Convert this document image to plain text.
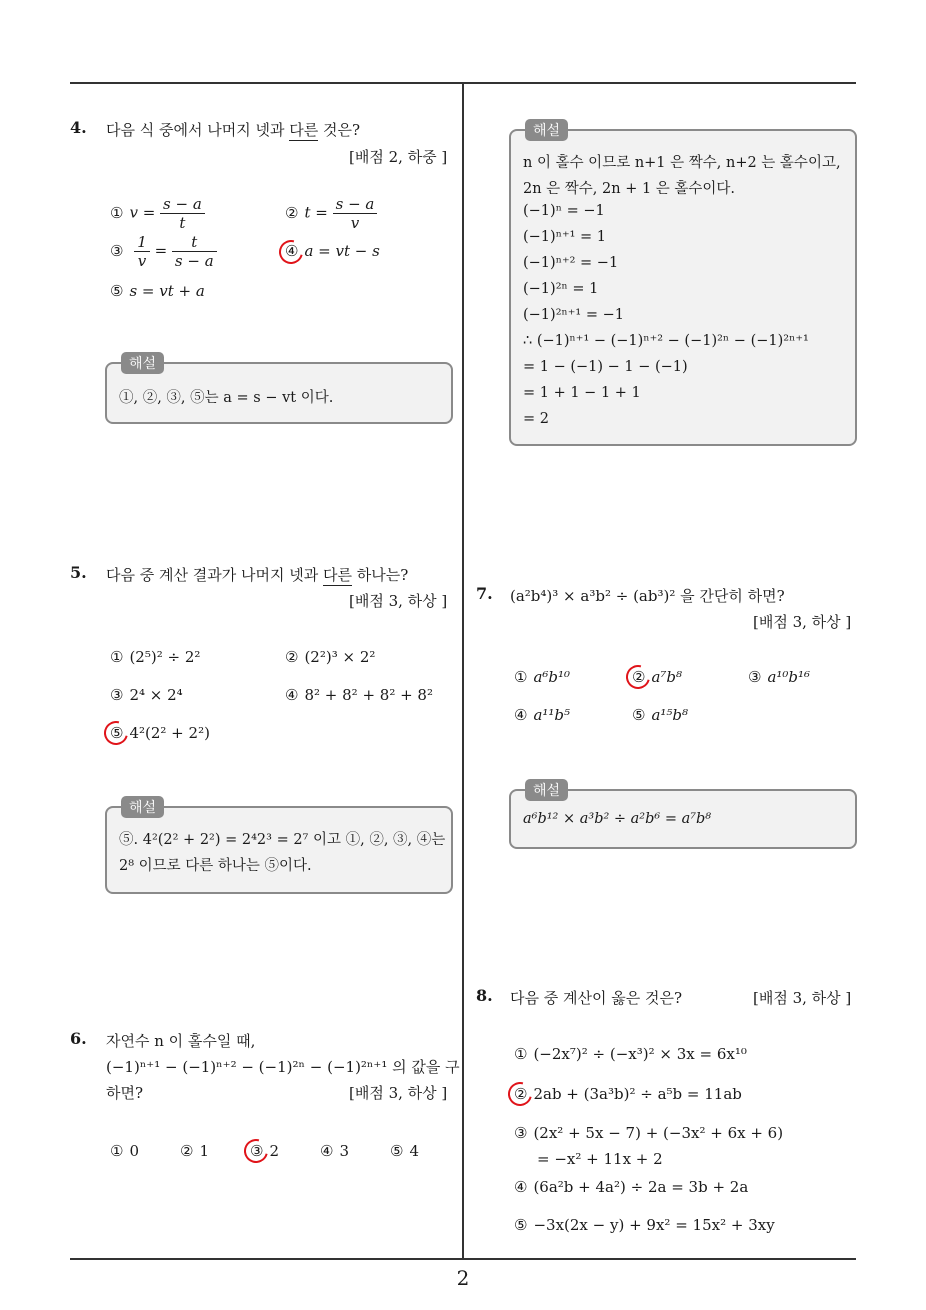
2
4. 다음 식 중에서 나머지 넷과 다른 것은?
[배점 2, 하중 ]
① $v = \frac{s - a}{t}$	② $t = \frac{s - a}{v}$
③ $\frac{1}{v} = \frac{t}{s - a}$	④ a = vt − s
⑤ s = vt + a
해설
①, ②, ③, ⑤는 a = s − vt 이다.
5. 다음 중 계산 결과가 나머지 넷과 다른 하나는?
[배점 3, 하상 ]
① (2⁵)² ÷ 2²	② (2²)³ × 2²
③ 2⁴ × 2⁴	④ 8² + 8² + 8² + 8²
⑤ 4²(2² + 2²)
해설
⑤. 4²(2² + 2²) = 2⁴2³ = 2⁷ 이고 ①, ②, ③, ④는
2⁸ 이므로 다른 하나는 ⑤이다.
6. 자연수 n 이 홀수일 때,
(−1)ⁿ⁺¹ − (−1)ⁿ⁺² − (−1)²ⁿ − (−1)²ⁿ⁺¹ 의 값을 구
하면?	[배점 3, 하상 ]
① 0	② 1	③ 2	④ 3	⑤ 4
해설
n 이 홀수 이므로 n+1 은 짝수, n+2 는 홀수이고,
2n 은 짝수, 2n + 1 은 홀수이다.
(−1)ⁿ = −1
(−1)ⁿ⁺¹ = 1
(−1)ⁿ⁺² = −1
(−1)²ⁿ = 1
(−1)²ⁿ⁺¹ = −1
∴ (−1)ⁿ⁺¹ − (−1)ⁿ⁺² − (−1)²ⁿ − (−1)²ⁿ⁺¹
= 1 − (−1) − 1 − (−1)
= 1 + 1 − 1 + 1
= 2
7. (a²b⁴)³ × a³b² ÷ (ab³)² 을 간단히 하면?
[배점 3, 하상 ]
① a⁶b¹⁰	② a⁷b⁸	③ a¹⁰b¹⁶
④ a¹¹b⁵	⑤ a¹⁵b⁸
해설
a⁶b¹² × a³b² ÷ a²b⁶ = a⁷b⁸
8. 다음 중 계산이 옳은 것은?	[배점 3, 하상 ]
① (−2x⁷)² ÷ (−x³)² × 3x = 6x¹⁰
② 2ab + (3a³b)² ÷ a⁵b = 11ab
③ (2x² + 5x − 7) + (−3x² + 6x + 6)
= −x² + 11x + 2
④ (6a²b + 4a²) ÷ 2a = 3b + 2a
⑤ −3x(2x − y) + 9x² = 15x² + 3xy
